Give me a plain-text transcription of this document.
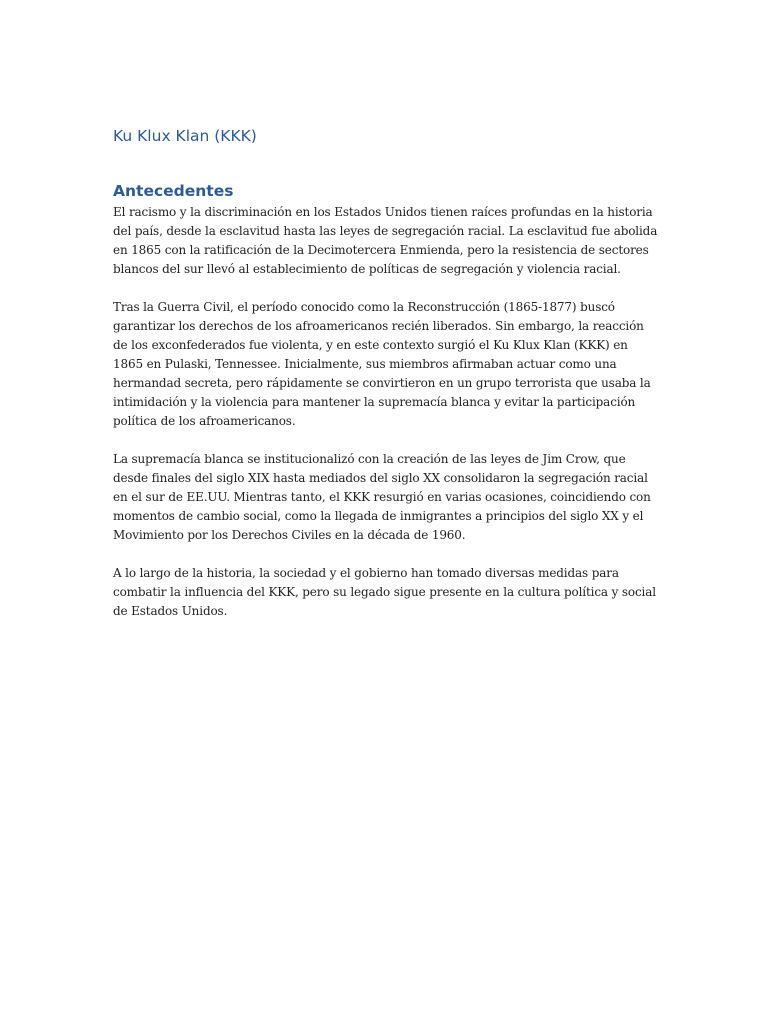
Ku Klux Klan (KKK)
Antecedentes

El racismo y la discriminación en los Estados Unidos tienen raíces profundas en la historia del país, desde la esclavitud hasta las leyes de segregación racial. La esclavitud fue abolida en 1865 con la ratificación de la Decimotercera Enmienda, pero la resistencia de sectores blancos del sur llevó al establecimiento de políticas de segregación y violencia racial.

Tras la Guerra Civil, el período conocido como la Reconstrucción (1865-1877) buscó garantizar los derechos de los afroamericanos recién liberados. Sin embargo, la reacción de los exconfederados fue violenta, y en este contexto surgió el Ku Klux Klan (KKK) en 1865 en Pulaski, Tennessee. Inicialmente, sus miembros afirmaban actuar como una hermandad secreta, pero rápidamente se convirtieron en un grupo terrorista que usaba la intimidación y la violencia para mantener la supremacía blanca y evitar la participación política de los afroamericanos.

La supremacía blanca se institucionalizó con la creación de las leyes de Jim Crow, que desde finales del siglo XIX hasta mediados del siglo XX consolidaron la segregación racial en el sur de EE.UU. Mientras tanto, el KKK resurgió en varias ocasiones, coincidiendo con momentos de cambio social, como la llegada de inmigrantes a principios del siglo XX y el Movimiento por los Derechos Civiles en la década de 1960.

A lo largo de la historia, la sociedad y el gobierno han tomado diversas medidas para combatir la influencia del KKK, pero su legado sigue presente en la cultura política y social de Estados Unidos.
